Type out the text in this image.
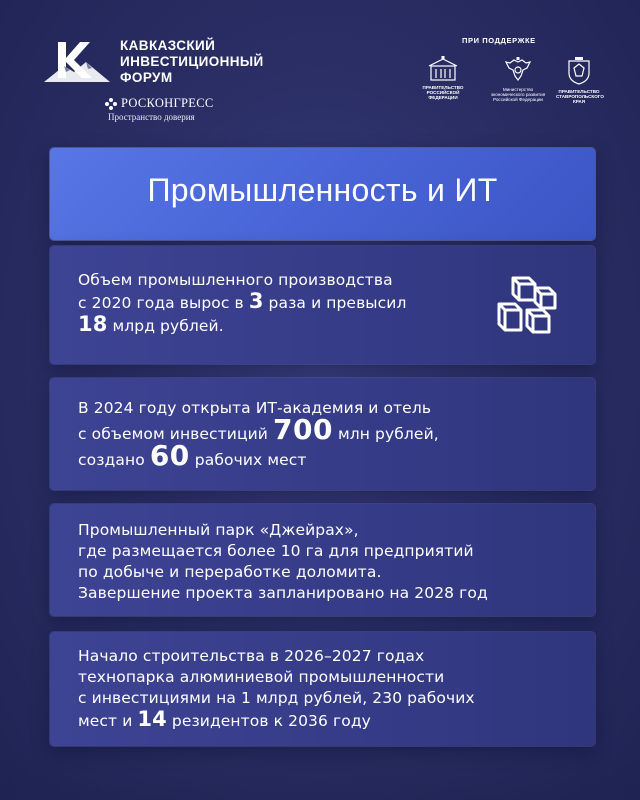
КАВКАЗСКИЙ
ИНВЕСТИЦИОННЫЙ
ФОРУМ
РОСКОНГРЕСС
Пространство доверия
ПРИ ПОДДЕРЖКЕ
ПРАВИТЕЛЬСТВО РОССИЙСКОЙ ФЕДЕРАЦИИ
Министерство экономического развития Российской Федерации
ПРАВИТЕЛЬСТВО СТАВРОПОЛЬСКОГО КРАЯ
Промышленность и ИТ
Объем промышленного производства
с 2020 года вырос в 3 раза и превысил
18 млрд рублей.
В 2024 году открыта ИТ-академия и отель
с объемом инвестиций 700 млн рублей,
создано 60 рабочих мест
Промышленный парк «Джейрах»,
где размещается более 10 га для предприятий
по добыче и переработке доломита.
Завершение проекта запланировано на 2028 год
Начало строительства в 2026–2027 годах
технопарка алюминиевой промышленности
с инвестициями на 1 млрд рублей, 230 рабочих
мест и 14 резидентов к 2036 году
